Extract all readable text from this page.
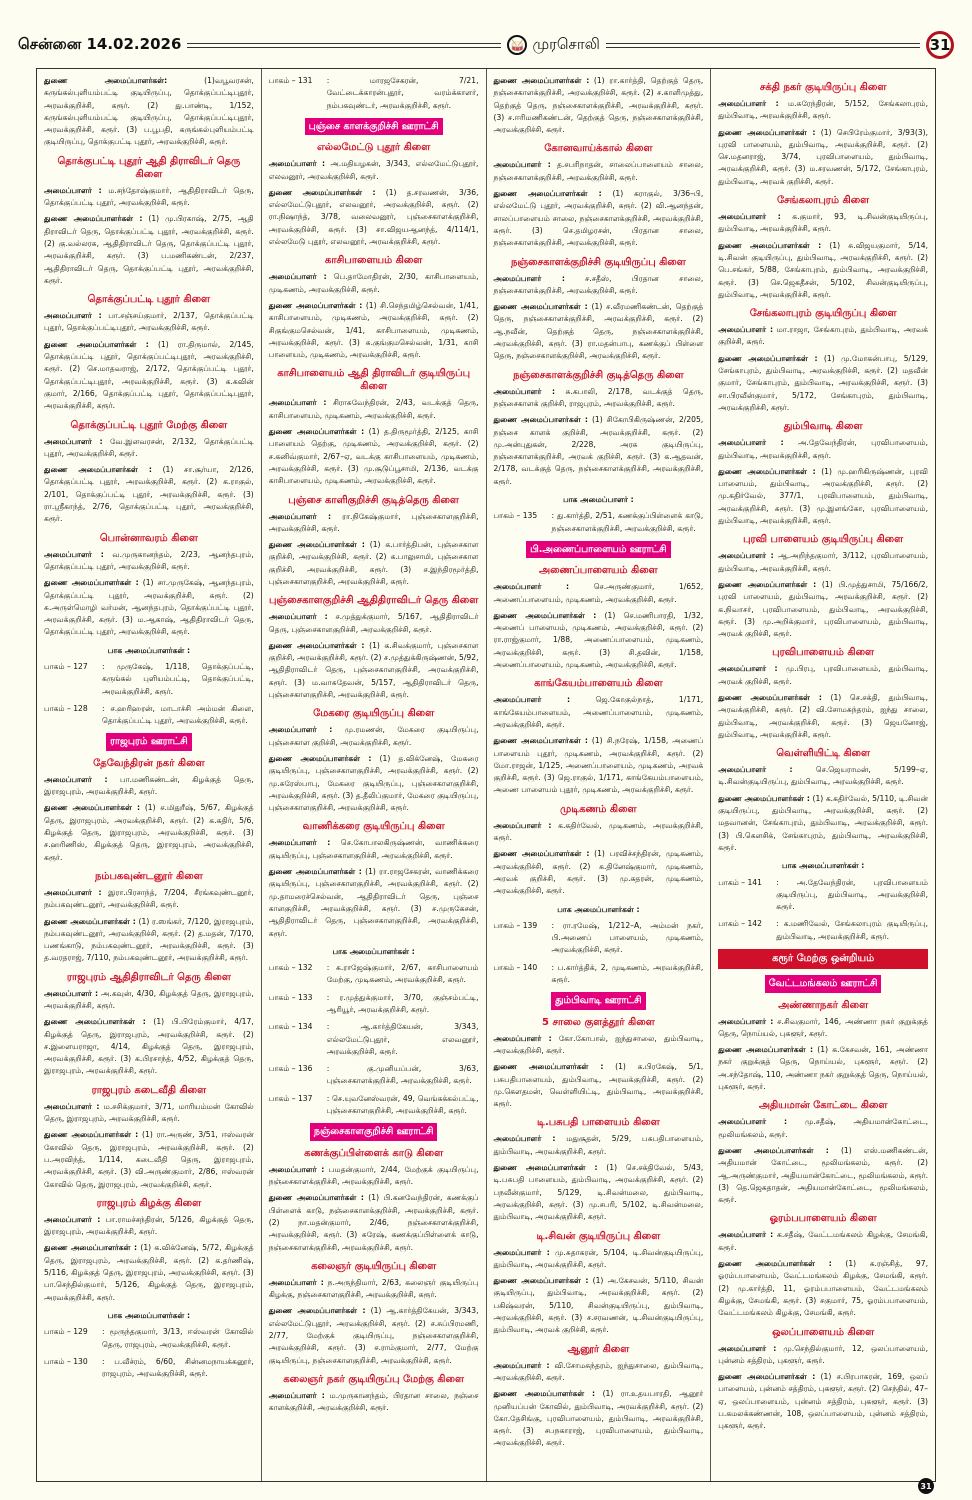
சென்னை 14.02.2026	🥁 முரசொலி	31
துணை அமைப்பாளர்கள்:	(1)வபூவரசன், கருங்கல்புளியம்பட்டி குடியிருப்பு, தொக்குப்பட்டிபுதூர், அரவக்குறிச்சி, கரூர். (2) து.பாண்டி, 1/152, கருங்கல்புளியம்பட்டி குடியிருப்பு, தொக்குப்பட்டிபுதூர், அரவக்குறிச்சி, கரூர். (3) ப.பூபதி, கருங்கல்புளியம்பட்டி குடியிருப்பு, தொக்குபட்டி புதூர், அரவக்குறிச்சி, கரூர்.
தொக்குபட்டி புதூர் ஆதி திராவிடர் தெரு கிளை
அமைப்பாளர் : ம.சந்தோஷ்குமார், ஆதிதிராவிடர் தெரு, தொக்குப்பட்டி புதூர், அரவக்குறிச்சி, கரூர்.
துணை அமைப்பாளர்கள் : (1) மு.பிரகாஷ், 2/75, ஆதி திராவிடர் தெரு, தொக்குப்பட்டி புதூர், அரவக்குறிச்சி, கரூர். (2) கு.வல்லரசு, ஆதிதிராவிடர் தெரு, தொக்குப்பட்டி புதூர், அரவக்குறிச்சி, கரூர். (3) ப.மணிகண்டன், 2/237, ஆதிதிராவிடர் தெரு, தொக்குப்பட்டி புதூர், அரவக்குறிச்சி, கரூர்.
தொக்குப்பட்டி புதூர் கிளை
அமைப்பாளர் : பா.சஞ்சய்குமார், 2/137, தொக்குப்பட்டி புதூர், தொக்குப்பட்டிபுதூர், அரவக்குறிச்சி, கரூர்.
துணை அமைப்பாளர்கள் : (1) ரா.திருமால், 2/145, தொக்குப்பட்டி புதூர், தொக்குப்பட்டிபுதூர், அரவக்குறிச்சி, கரூர். (2) செ.மாதவராஜ், 2/172, தொக்குப்பட்டி புதூர், தொக்குப்பட்டிபுதூர், அரவக்குறிச்சி, கரூர். (3) க.கவின் குமார், 2/166, தொக்குப்பட்டி புதூர், தொக்குப்பட்டிபுதூர், அரவக்குறிச்சி, கரூர்.
தொக்குப்பட்டி புதூர் மேற்கு கிளை
அமைப்பாளர் : வே.இளவரசன், 2/132, தொக்குப்பட்டி புதூர், அரவக்குறிச்சி, கரூர்.
துணை அமைப்பாளர்கள் : (1) சா.சூர்யா, 2/126, தொக்குப்பட்டி புதூர், அரவக்குறிச்சி, கரூர். (2) க.ராகுல், 2/101, தொக்குப்பட்டி புதூர், அரவக்குறிச்சி, கரூர். (3) ரா.ஸ்ரீகாந்த், 2/76, தொக்குப்பட்டி புதூர், அரவக்குறிச்சி, கரூர்.
பொன்னாவரம் கிளை
அமைப்பாளர் : வ.முருகானந்தம், 2/23, ஆனந்தபுரம், தொக்குப்பட்டி புதூர், அரவக்குறிச்சி, கரூர்.
துணை அமைப்பாளர்கள் : (1) சா.முருகேஷ், ஆனந்தபுரம், தொக்குப்பட்டி புதூர், அரவக்குறிச்சி, கரூர். (2) சு.அருள்மொழி வர்மன், ஆனந்தபுரம், தொக்குப்பட்டி புதூர், அரவக்குறிச்சி, கரூர். (3) ம.ஆகாஷ், ஆதிதிராவிடர் தெரு, தொக்குப்பட்டி புதூர், அரவக்குறிச்சி, கரூர்.
பாக அமைப்பாளர்கள் :
பாகம் – 127	: முருகேஷ், 1/118, தொக்குப்பட்டி, கருங்கல் புளியம்பட்டி, தொக்குப்பட்டி, அரவக்குறிச்சி, கரூர்.
பாகம் – 128	: ச.ஹரிஹரன், மாடாச்சி அம்மன் கிளை, தொக்குப்பட்டி புதூர், அரவக்குறிச்சி, கரூர்.
ராஜபுரம் ஊராட்சி
தேவேந்திரன் நகர் கிளை
அமைப்பாளர் : பா.மணிகண்டன், கிழக்குத் தெரு, இராஜபுரம், அரவக்குறிச்சி, கரூர்.
துணை அமைப்பாளர்கள் : (1) ச.மிதுரீஷ், 5/67, கிழக்குத் தெரு, இராஜபுரம், அரவக்குறிச்சி, கரூர். (2) க.கதிர், 5/6, கிழக்குத் தெரு, இராஜபுரம், அரவக்குறிச்சி, கரூர். (3) ச.ஹரிணிஸ், கிழக்குத் தெரு, இராஜபுரம், அரவக்குறிச்சி, கரூர்.
நம்பகவுண்டனூர் கிளை
அமைப்பாளர் : இரா.பிரசாந்த், 7/204, சீரங்கவுண்டனூர், நம்பகவுண்டனூர், அரவக்குறிச்சி, கரூர்.
துணை அமைப்பாளர்கள் : (1) ர.ஸங்கர், 7/120, இராஜபுரம், நம்பகவுண்டனூர், அரவக்குறிச்சி, கரூர். (2) த.மதன், 7/170, பணங்காடு, நம்பகவுண்டனூர், அரவக்குறிச்சி, கரூர். (3) த.வரதராஜ், 7/110, நம்பகவுண்டனூர், அரவக்குறிச்சி, கரூர்.
ராஜபுரம் ஆதிதிராவிடர் தெரு கிளை
அமைப்பாளர் : அ.கவுன், 4/30, கிழக்குத் தெரு, இராஜபுரம், அரவக்குறிச்சி, கரூர்.
துணை அமைப்பாளர்கள் : (1) பி.பிரேம்குமார், 4/17, கிழக்குத் தெரு, இராஜபுரம், அரவக்குறிச்சி, கரூர். (2) ச.இளையராஜா, 4/14, கிழக்குத் தெரு, இராஜபுரம், அரவக்குறிச்சி, கரூர். (3) க.பிரசாந்த், 4/52, கிழக்குத் தெரு, இராஜபுரம், அரவக்குறிச்சி, கரூர்.
ராஜபுரம் கடைவீதி கிளை
அமைப்பாளர் : ம.சசிக்குமார், 3/71, மாரியம்மன் கோவில் தெரு, இராஜபுரம், அரவக்குறிச்சி, கரூர்.
துணை அமைப்பாளர்கள் : (1) ரா.அருண், 3/51, ஈஸ்வரன் கோவில் தெரு, இராஜபுரம், அரவக்குறிச்சி, கரூர். (2) ப.அரவிந்த், 1/114, கடைவீதி தெரு, இராஜபுரம், அரவக்குறிச்சி, கரூர். (3) வி.அருண்குமார், 2/86, ஈஸ்வரன் கோவில் தெரு, இராஜபுரம், அரவக்குறிச்சி, கரூர்.
ராஜபுரம் கிழக்கு கிளை
அமைப்பாளர் : பா.ராமச்சந்திரன், 5/126, கிழக்குத் தெரு, இராஜபுரம், அரவக்குறிச்சி, கரூர்.
துணை அமைப்பாளர்கள் : (1) க.விக்னேஷ், 5/72, கிழக்குத் தெரு, இராஜபுரம், அரவக்குறிச்சி, கரூர். (2) க.தர்ணிஷ், 5/116, கிழக்குத் தெரு, இராஜபுரம், அரவக்குறிச்சி, கரூர். (3) பா.செந்தில்குமார், 5/126, கிழக்குத் தெரு, இராஜபுரம், அரவக்குறிச்சி, கரூர்.
பாக அமைப்பாளர்கள் :
பாகம் – 129	: மூருந்தகுமார், 3/13, ஈஸ்வரன் கோவில் தெரு, ராஜபுரம், அரவக்குறிச்சி, கரூர்.
பாகம் – 130	: ப.வீச்ரம், 6/60, சின்னமநாயக்கனூர், ராஜபுரம், அரவக்குறிச்சி, கரூர்.
பாகம் – 131	: மாரஜசேகரன், 7/21, வேட்டைக்காரன்புதூர், வரம்க்காளர், நம்பகவுண்டர், அரவக்குறிச்சி, கரூர்.
புஞ்சை காளக்குறிச்சி ஊராட்சி
எல்லமேட்டு புதூர் கிளை
அமைப்பாளர் : அ.மதியழகன், 3/343, எல்லமேட்டுபுதூர், எலவனூர், அரவக்குறிச்சி, கரூர்.
துணை அமைப்பாளர்கள் : (1) த.சரவணன், 3/36, எல்லமேட்டுபுதூர், எலவனூர், அரவக்குறிச்சி, கரூர். (2) ரா.நிஷாந்த், 3/78, வலைவனூர், புஞ்சைகாளக்குறிச்சி, அரவக்குறிச்சி, கரூர். (3) சா.விஜயஆனந்த், 4/114/1, எல்லமேடு புதூர், எலவனூர், அரவக்குறிச்சி, கரூர்.
காசிபாளையம் கிளை
அமைப்பாளர் : பெ.தாமோதிரன், 2/30, காசிபாளையம், முடிகணம், அரவக்குறிச்சி, கரூர்.
துணை அமைப்பாளர்கள் : (1) சி.செந்தமிழ்செல்வன், 1/41, காசிபாளையம், முடிகணம், அரவக்குறிச்சி, கரூர். (2) சிகுங்குமசெல்வன், 1/41, காசிபாளையம், முடிகணம், அரவக்குறிச்சி, கரூர். (3) சு.குங்குமசெல்வன், 1/31, காசி பாளையம், முடிகணம், அரவக்குறிச்சி, கரூர்.
காசிபாளையம் ஆதி திராவிடர் குடியிருப்பு கிளை
அமைப்பாளர் : சிராசுவேந்திரன், 2/43, வடக்குத் தெரு, காசிபாளையம், முடிகணம், அரவக்குறிச்சி, கரூர்.
துணை அமைப்பாளர்கள் : (1) த.திருமூர்த்தி, 2/125, காசி பாளையம் தெற்கு, முடிகணம், அரவக்குறிச்சி, கரூர். (2) ச.கனிவ்குமார், 2/67–ஏ, வடக்கு காசிபாளையம், முடிகணம், அரவக்குறிச்சி, கரூர். (3) மு.சூடுப்பூசாமி, 2/136, வடக்கு காசிபாளையம், முடிகணம், அரவக்குறிச்சி, கரூர்.
புஞ்சை காளிகுறிச்சி குடித்தெரு கிளை
அமைப்பாளர் : ரா.நிகேஷ்குமார், புஞ்சைகாளகுறிச்சி, அரவக்குறிச்சி, கரூர்.
துணை அமைப்பாளர்கள் : (1) க.பார்த்திபன், புஞ்சைகாள குறிச்சி, அரவக்குறிச்சி, கரூர். (2) க.பாலுசாமி, புஞ்சைகாள குறிச்சி, அரவக்குறிச்சி, கரூர். (3) ச.இந்திரமூர்த்தி, புஞ்சைகாளகுறிச்சி, அரவக்குறிச்சி, கரூர்.
புஞ்சைகாளகுறிச்சி ஆதிதிராவிடர் தெரு கிளை
அமைப்பாளர் : ச.முத்துக்குமார், 5/167, ஆதிதிராவிடர் தெரு, புஞ்சைகாளகுறிச்சி, அரவக்குறிச்சி, கரூர்.
துணை அமைப்பாளர்கள் : (1) க.சிவக்குமார், புஞ்சைகாள குறிச்சி, அரவக்குறிச்சி, கரூர். (2) ச.முத்துக்கிருஷ்ணன், 5/92, ஆதிதிராவிடர் தெரு, புஞ்சைகாளகுறிச்சி, அரவக்குறிச்சி, கரூர். (3) ம.வாசுதேவன், 5/157, ஆதிதிராவிடர் தெரு, புஞ்சைகாளகுறிச்சி, அரவக்குறிச்சி, கரூர்.
மேகரை குடியிருப்பு கிளை
அமைப்பாளர் : மு.ரமணன், மேகரை குடியிருப்பு, புஞ்சைகாள குறிச்சி, அரவக்குறிச்சி, கரூர்.
துணை அமைப்பாளர்கள் : (1) த.விக்னேஷ், மேகரை குடியிருப்பு, புஞ்சைகாளகுறிச்சி, அரவக்குறிச்சி, கரூர். (2) மு.சுரேஸ்பாபு, மேகரை குடியிருப்பு, புஞ்சைகாளகுறிச்சி, அரவக்குறிச்சி, கரூர். (3) த.தீலிப்குமார், மேகரை குடியிருப்பு, புஞ்சைகாளகுறிச்சி, அரவக்குறிச்சி, கரூர்.
வாணிக்கரை குடியிருப்பு கிளை
அமைப்பாளர் : செ.கோபாலகிருஷ்ணன், வாணிக்கரை குடியிருப்பு, புஞ்சைகாளகுறிச்சி, அரவக்குறிச்சி, கரூர்.
துணை அமைப்பாளர்கள் : (1) ரா.ராஜசேகரன், வாணிக்கரை குடியிருப்பு, புஞ்சைகாளகுறிச்சி, அரவக்குறிச்சி, கரூர். (2) மு.தாமரைச்செல்வன், ஆதிதிராவிடர் தெரு, புஞ்சை காளகுறிச்சி, அரவக்குறிச்சி, கரூர். (3) ச.முருகேசன், ஆதிதிராவிடர் தெரு, புஞ்சைகாளகுறிச்சி, அரவக்குறிச்சி, கரூர்.
பாக அமைப்பாளர்கள் :
பாகம் – 132	: க.ராஜேஷ்குமார், 2/67, காசிபாளையம் மேற்கு, முடிகணம், அரவக்குறிச்சி, கரூர்.
பாகம் – 133	: ர.முத்துக்குமார், 3/70, குஞ்சம்பட்டி, ஆரியூர், அரவக்குறிச்சி, கரூர்.
பாகம் – 134	: ஆ.கார்த்திகேயன், 3/343, எல்லமேட்டுபுதூர், எலவனூர், அரவக்குறிச்சி, கரூர்.
பாகம் – 136	: கு.முனியப்பன், 3/63, புஞ்சைகாளக்குறிச்சி, அரவக்குறிச்சி, கரூர்.
பாகம் – 137	: செ.யுவனேஸ்வரன், 49, வெங்கக்கல்பட்டி, புஞ்சைகாளகுறிச்சி, அரவக்குறிச்சி, கரூர்.
நஞ்சைகாளகுறிச்சி ஊராட்சி
கணக்குப்பிள்ளைக் காடு கிளை
அமைப்பாளர் : பமதன்குமார், 2/44, மேற்குக் குடியிருப்பு, நஞ்சைகாளக்குறிச்சி, அரவக்குறிச்சி, கரூர்.
துணை அமைப்பாளர்கள் : (1) பி.கனவேந்திரன், கணக்குப் பிள்ளைக் காடு, நஞ்சைகாளக்குறிச்சி, அரவக்குறிச்சி, கரூர். (2) நா.மதன்குமார், 2/46, நஞ்சைகாளக்குறிச்சி, அரவக்குறிச்சி, கரூர். (3) சுரேஷ், கணக்குப்பிள்ளைக் காடு, நஞ்சைகாளக்குறிச்சி, அரவக்குறிச்சி, கரூர்.
கலைஞர் குடியிருப்பு கிளை
அமைப்பாளர் : ந.அருந்திமார், 2/63, கலைஞர் குடியிருப்பு கிழக்கு, நஞ்சைகாளகுறிச்சி, அரவக்குறிச்சி, கரூர்.
துணை அமைப்பாளர்கள் : (1) ஆ.கார்த்திகேயன், 3/343, எல்லமேட்டுபுதூர், அரவக்குறிச்சி, கரூர். (2) ச.சுப்பிரமணி, 2/77, மேற்குக் குடியிருப்பு, நஞ்சைகாளகுறிச்சி, அரவக்குறிச்சி, கரூர். (3) ச.ராம்குமார், 2/77, மேற்கு குடியிருப்பு, நஞ்சைகாளகுறிச்சி, அரவக்குறிச்சி, கரூர்.
கலைஞர் நகர் குடியிருப்பு மேற்கு கிளை
அமைப்பாளர் : ம.முருகானந்தம், பிரதான சாலை, நஞ்சை காளக்குறிச்சி, அரவக்குறிச்சி, கரூர்.
துணை அமைப்பாளர்கள் : (1) ரா.கார்த்தி, தெற்குத் தெரு, நஞ்சைகாளக்குறிச்சி, அரவக்குறிச்சி, கரூர். (2) ச.காளிமுத்து, தெற்குத் தெரு, நஞ்சைகாளக்குறிச்சி, அரவக்குறிச்சி, கரூர். (3) ச.ஈரிமணிகண்டன், தெற்குத் தெரு, நஞ்சைகாளக்குறிச்சி, அரவக்குறிச்சி, கரூர்.
கோனவாய்க்கால் கிளை
அமைப்பாளர் : த.சபரிநாதன், சாலைப்பாளையம் சாலை, நஞ்சைகாளக்குறிச்சி, அரவக்குறிச்சி, கரூர்.
துணை அமைப்பாளர்கள் : (1) கராகுல், 3/36–பி, எல்லமேட்டு புதூர், அரவக்குறிச்சி, கரூர். (2) வி.ஆனந்தன், சாலப்பாளையம் சாலை, நஞ்சைகாளக்குறிச்சி, அரவக்குறிச்சி, கரூர். (3) செ.தமிழரசன், பிரதான சாலை, நஞ்சைகாளக்குறிச்சி, அரவக்குறிச்சி, கரூர்.
நஞ்சைகாளக்குறிச்சி குடியிருப்பு கிளை
அமைப்பாளர் :	ச.சதீஸ், பிரதான சாலை, நஞ்சைகாளக்குறிச்சி, அரவக்குறிச்சி, கரூர்.
துணை அமைப்பாளர்கள் : (1) ச.வீரமணிகண்டன், தெற்குத் தெரு, நஞ்சைகாளக்குறிச்சி, அரவக்குறிச்சி, கரூர். (2) ஆ.நவீன், தெற்குத் தெரு, நஞ்சைகாளக்குறிச்சி, அரவக்குறிச்சி, கரூர். (3) ரா.மதன்பாபு, கணக்குப் பிள்ளை தெரு, நஞ்சைகாளக்குறிச்சி, அரவக்குறிச்சி, கரூர்.
நஞ்சைகாளக்குறிச்சி குடித்தெரு கிளை
அமைப்பாளர் : சு.கபாலி, 2/178, வடக்குத் தெரு, நஞ்சைகாளக் குறிச்சி, ராஜபுரம், அரவக்குறிச்சி, கரூர்.
துணை அமைப்பாளர்கள் : (1) சிகோபிகிருஷ்ணன், 2/205, நஞ்சை காளக் குறிச்சி, அரவக்குறிச்சி, கரூர். (2) மு.அன்புதுகன், 2/228, அரசு குடியிருப்பு, நஞ்சைகாளக்குறிச்சி, அரவக் குறிச்சி, கரூர். (3) க.ஆதவன், 2/178, வடக்குத் தெரு, நஞ்சைகாளக்குறிச்சி, அரவக்குறிச்சி, கரூர்.
பாக அமைப்பாளர் :
பாகம் – 135	: து.கார்த்தி, 2/51, கணக்குப்பிள்ளைக் காடு, நஞ்சைகாளக்குறிச்சி, அரவக்குறிச்சி, கரூர்.
பி.அணைப்பாளையம் ஊராட்சி
அணைப்பாளையம் கிளை
அமைப்பாளர் :	செ.அருண்குமார், 1/652, அணைப்பாளையம், முடிகணம், அரவக்குறிச்சி, கரூர்.
துணை அமைப்பாளர்கள் : (1) செ.மணிபாரதி, 1/32, அணைப் பாளையம், முடிகணம், அரவக்குறிச்சி, கரூர். (2) ரா.ராஜ்குமார், 1/88, அணைப்பாளையம், முடிகணம், அரவக்குறிச்சி, கரூர். (3) சி.தவின், 1/158, அணைப்பாளையம், முடிகணம், அரவக்குறிச்சி, கரூர்.
காங்கேயம்பாளையம் கிளை
அமைப்பாளர் :	ஜெ.கோகுல்நாத், 1/171, காங்கேயம்பாளையம், அணைப்பாளையம், முடிகணம், அரவக்குறிச்சி, கரூர்.
துணை அமைப்பாளர்கள் : (1) சி.நரேஷ், 1/158, அணைப் பாளையம் புதூர், முடிகணம், அரவக்குறிச்சி, கரூர். (2) மோ.ராஜன், 1/125, அணைப்பாளையம், முடிகணம், அரவக் குறிச்சி, கரூர். (3) ஜெ.ராகுல், 1/171, காங்கேயம்பாளையம், அணை பாளையம் புதூர், முடிகணம், அரவக்குறிச்சி, கரூர்.
முடிகணம் கிளை
அமைப்பாளர் : க.கதிர்வேல், முடிகணம், அரவக்குறிச்சி, கரூர்.
துணை அமைப்பாளர்கள் : (1) பரவிச்சந்திரன், முடிகணம், அரவக்குறிச்சி, கரூர். (2) க.தினேஷ்குமார், முடிகணம், அரவக் குறிச்சி, கரூர். (3) மு.கதரன், முடிகணம், அரவக்குறிச்சி, கரூர்.
பாக அமைப்பாளர்கள் :
பாகம் – 139	: ரா.ரமேஷ், 1/212–A, அம்மன் நகர், பி.அணைப் பாளையம், முடிகணம், அரவக்குறிச்சி, கரூர்.
பாகம் – 140	: ப.கார்த்திக், 2, முடிகணம், அரவக்குறிச்சி, கரூர்.
தும்பிவாடி ஊராட்சி
5 சாலை குளத்தூர் கிளை
அமைப்பாளர் : கோ.கோபால், ஐந்துசாலை, தும்பிவாடி, அரவக்குறிச்சி, கரூர்.
துணை அமைப்பாளர்கள் : (1) க.பிரகேஷ், 5/1, பசுபதிபாளையம், தும்பிவாடி, அரவக்குறிச்சி, கரூர். (2) மு.கௌதமன், வெள்ளியிட்டி, தும்பிவாடி, அரவக்குறிச்சி, கரூர்.
டி.பசுபதி பாளையம் கிளை
அமைப்பாளர் : மதுசூதன், 5/29, பசுபதிபாளையம், தும்பிவாடி, அரவக்குறிச்சி, கரூர்.
துணை அமைப்பாளர்கள் : (1) செ.சக்திவேல், 5/43, டி.பசுபதி பாளையம், தும்பிவாடி, அரவக்குறிச்சி, கரூர். (2) பநவீன்குமார், 5/129, டி.சிவன்மலை, தும்பிவாடி, அரவக்குறிச்சி, கரூர். (3) மு.சபரி, 5/102, டி.சிவன்மலை, தும்பிவாடி, அரவக்குறிச்சி, கரூர்.
டி.சிவன் குடியிருப்பு கிளை
அமைப்பாளர் : மு.சுதாகரன், 5/104, டி.சிவன்குடியிருப்பு, தும்பிவாடி, அரவக்குறிச்சி, கரூர்.
துணை அமைப்பாளர்கள் : (1) அ.கேசவன், 5/110, சிவன் குடியிருப்பு, தும்பிவாடி, அரவக்குறிச்சி, கரூர். (2) பகிஷ்வரன், 5/110, சிவன்குடியிருப்பு, தும்பிவாடி, அரவக்குறிச்சி, கரூர். (3) ச.சரவணன், டி.சிவன்குடியிருப்பு, தும்பிவாடி, அரவக் குறிச்சி, கரூர்.
ஆனூர் கிளை
அமைப்பாளர் : வி.சோமசுந்தரம், ஐந்துசாலை, தும்பிவாடி, அரவக்குறிச்சி, கரூர்.
துணை அமைப்பாளர்கள் : (1) ரா.உதயபாரதி, ஆனூர் முனியப்பன் கோவில், தும்பிவாடி, அரவக்குறிச்சி, கரூர். (2) கோ.தேசிங்கு, புரவிபாளையம், தும்பிவாடி, அரவக்குறிச்சி, கரூர். (3) சபநகாராஜ், புரவிபாளையம், தும்பிவாடி, அரவக்குறிச்சி, கரூர்.
சக்தி நகர் குடியிருப்பு கிளை
அமைப்பாளர் : ம.சுரேந்திரன், 5/152, சேங்கலாபுரம், தும்பிவாடி, அரவக்குறிச்சி, கரூர்.
துணை அமைப்பாளர்கள் : (1) செபிரேம்குமார், 3/93(3), புரவி பாளையம், தும்பிவாடி, அரவக்குறிச்சி, கரூர். (2) செ.மதனராஜ், 3/74, புரவிபாளையம், தும்பிவாடி, அரவக்குறிச்சி, கரூர். (3) ம.சரவணன், 5/172, சேங்காபுரம், தும்பிவாடி, அரவக் குறிச்சி, கரூர்.
சேங்கலாபுரம் கிளை
அமைப்பாளர் : க.குமார், 93, டி.சிவன்குடியிருப்பு, தும்பிவாடி, அரவக்குறிச்சி, கரூர்.
துணை அமைப்பாளர்கள் : (1) சு.விஜயகுமார், 5/14, டி.சிவன் குடியிருப்பு, தும்பிவாடி, அரவக்குறிச்சி, கரூர். (2) பெ.சங்கர், 5/88, சேங்காபுரம், தும்பிவாடி, அரவக்குறிச்சி, கரூர். (3) செ.ஜெகதீசன், 5/102, சிவன்குடியிருப்பு, தும்பிவாடி, அரவக்குறிச்சி, கரூர்.
சேங்கலாபுரம் குடியிருப்பு கிளை
அமைப்பாளர் : மா.ராஜா, சேங்காபுரம், தும்பிவாடி, அரவக் குறிச்சி, கரூர்.
துணை அமைப்பாளர்கள் : (1) மு.மோகன்பாபு, 5/129, சேங்காபுரம், தும்பிவாடி, அரவக்குறிச்சி, கரூர். (2) மதவீன் குமார், சேங்காபுரம், தும்பிவாடி, அரவக்குறிச்சி, கரூர். (3) சா.பிரவீன்குமார், 5/172, சேங்காபுரம், தும்பிவாடி, அரவக்குறிச்சி, கரூர்.
தும்பிவாடி கிளை
அமைப்பாளர் : அ.தேவேந்திரன், புரவிபாளையம், தும்பிவாடி, அரவக்குறிச்சி, கரூர்.
துணை அமைப்பாளர்கள் : (1) மு.ஹரிகிருஷ்ணன், புரவி பாளையம், தும்பிவாடி, அரவக்குறிச்சி, கரூர். (2) மு.கதிர்வேல், 377/1, புரவிபாளையம், தும்பிவாடி, அரவக்குறிச்சி, கரூர். (3) மு.இளங்கோ, புரவிபாளையம், தும்பிவாடி, அரவக்குறிச்சி, கரூர்.
புரவி பாளையம் குடியிருப்பு கிளை
அமைப்பாளர் : ஆ.அறிந்தகுமார், 3/112, புரவிபாளையம், தும்பிவாடி, அரவக்குறிச்சி, கரூர்.
துணை அமைப்பாளர்கள் : (1) பி.முத்துசாமி, 75/166/2, புரவி பாளையம், தும்பிவாடி, அரவக்குறிச்சி, கரூர். (2) க.நிவாசர், புரவிபாளையம், தும்பிவாடி, அரவக்குறிச்சி, கரூர். (3) மு.அறிக்குமார், புரவிபாளையம், தும்பிவாடி, அரவக் குறிச்சி, கரூர்.
புரவிபாளையம் கிளை
அமைப்பாளர் : மு.பிரபு, புரவிபாளையம், தும்பிவாடி, அரவக் குறிச்சி, கரூர்.
துணை அமைப்பாளர்கள் : (1) செ.சக்தி, தும்பிவாடி, அரவக்குறிச்சி, கரூர். (2) வி.சோமசுந்தரம், ஐந்து சாலை, தும்பிவாடி, அரவக்குறிச்சி, கரூர். (3) ஜெயனோஜ், தும்பிவாடி, அரவக்குறிச்சி, கரூர்.
வெள்ளியிட்டி கிளை
அமைப்பாளர் :	செ.ஜெயராமன், 5/199–ஏ, டி.சிவன்குடியிருப்பு, தும்பிவாடி, அரவக்குறிச்சி, கரூர்.
துணை அமைப்பாளர்கள் : (1) க.கதிர்வேல், 5/110, டி.சிவன் குடியிருப்பு, தும்பிவாடி, அரவக்குறிச்சி, கரூர். (2) மதவானன், சேங்காபுரம், தும்பிவாடி, அரவக்குறிச்சி, கரூர். (3) பி.கௌசிக், சேங்காபுரம், தும்பிவாடி, அரவக்குறிச்சி, கரூர்.
பாக அமைப்பாளர்கள் :
பாகம் – 141	: அ.தேவேந்திரன், புரவிபாளையம் குடியிருப்பு, தும்பிவாடி, அரவக்குறிச்சி, கரூர்.
பாகம் – 142	: க.மணிவேல், சேங்கலாபுரம் குடியிருப்பு, தும்பிவாடி, அரவக்குறிச்சி, கரூர்.
கரூர் மேற்கு ஒன்றியம்
வேட்டமங்கலம் ஊராட்சி
அண்ணாநகர் கிளை
அமைப்பாளர் : ச.சிவகுமார், 146, அண்ணா நகர் குறுக்குத் தெரு, நொய்யல், புகளூர், கரூர்.
துணை அமைப்பாளர்கள் : (1) க.கேசவன், 161, அண்ணா நகர் குறுக்குத் தெரு, நொய்யல், புகளூர், கரூர். (2) அ.சந்தோஷ், 110, அண்ணா நகர் குறுக்குத் தெரு, நொய்யல், புகளூர், கரூர்.
அதியமான் கோட்டை கிளை
அமைப்பாளர் : மு.சதீஷ், அதியமான்கோட்டை, மூலிமங்கலம், கரூர்.
துணை அமைப்பாளர்கள் : (1) எஸ்.மணிகண்டன், அதியமான் கோட்டை, மூலிமங்கலம், கரூர். (2) ஆ.அருண்குமார், அதியமான்கோட்டை, மூலிமங்கலம், கரூர். (3) தெ.ஜெகதாதன், அதியமான்கோட்டை, மூலிமங்கலம், கரூர்.
ஓரம்பபாளையம் கிளை
அமைப்பாளர் : க.சதீஷ், வேட்டமங்கலம் கிழக்கு, சேமங்கி, கரூர்.
துணை அமைப்பாளர்கள் : (1) க.ரஞ்சித், 97, ஓரம்பபாளையம், வேட்டமங்கலம் கிழக்கு, சேமங்கி, கரூர். (2) மு.கார்த்தி, 11, ஓரம்பபாளையம், வேட்டமங்கலம் கிழக்கு, சேமங்கி, கரூர். (3) சகுமார், 75, ஓரம்பபாளையம், வேட்டமங்கலம் கிழக்கு, சேமங்கி, கரூர்.
ஒலப்பாளையம் கிளை
அமைப்பாளர் : மு.செந்தில்குமார், 12, ஒலப்பாளையம், புன்னம் சத்திரம், புகளூர், கரூர்.
துணை அமைப்பாளர்கள் : (1) ச.பிரபாகரன், 169, ஒலப் பாளையம், புன்னம் சத்திரம், புகளூர், கரூர். (2) செந்தில், 47–ஏ, ஒலப்பாளையம், புன்னம் சத்திரம், புகளூர், கரூர். (3) ப.கமலக்கண்ணன், 108, ஒலப்பாளையம், புன்னம் சத்திரம், புகளூர், கரூர்.
31
